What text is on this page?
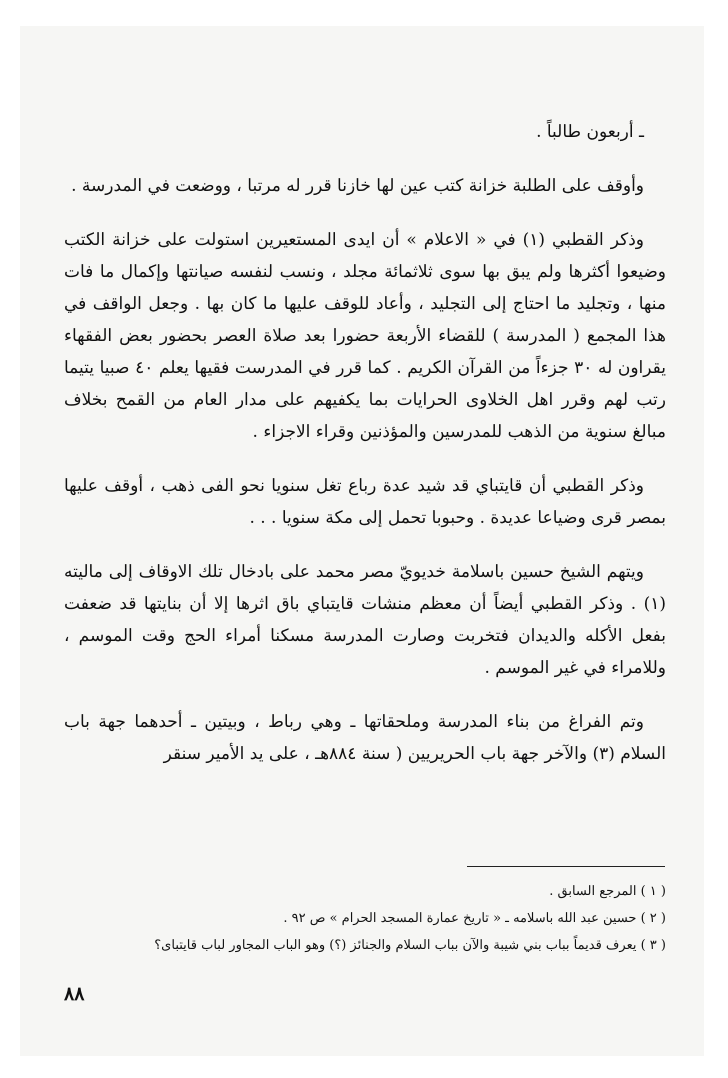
ـ أربعون طالباً .

وأوقف على الطلبة خزانة كتب عين لها خازنا قرر له مرتبا ، ووضعت في المدرسة .

وذكر القطبي (١) في « الاعلام » أن ايدى المستعيرين استولت على خزانة الكتب وضيعوا أكثرها ولم يبق بها سوى ثلاثمائة مجلد ، ونسب لنفسه صيانتها وإكمال ما فات منها ، وتجليد ما احتاج إلى التجليد ، وأعاد للوقف عليها ما كان بها . وجعل الواقف في هذا المجمع ( المدرسة ) للقضاء الأربعة حضورا بعد صلاة العصر بحضور بعض الفقهاء يقراون له ٣٠ جزءاً من القرآن الكريم . كما قرر في المدرست فقيها يعلم ٤٠ صبيا يتيما رتب لهم وقرر اهل الخلاوى الحرايات بما يكفيهم على مدار العام من القمح بخلاف مبالغ سنوية من الذهب للمدرسين والمؤذنين وقراء الاجزاء .

وذكر القطبي أن قايتباي قد شيد عدة رباع تغل سنويا نحو الفى ذهب ، أوقف عليها بمصر قرى وضياعا عديدة . وحبوبا تحمل إلى مكة سنويا . . .

ويتهم الشيخ حسين باسلامة خديويّ مصر محمد على بادخال تلك الاوقاف إلى ماليته (١) . وذكر القطبي أيضاً أن معظم منشات قايتباي باق اثرها إلا أن بنايتها قد ضعفت بفعل الأكله والديدان فتخربت وصارت المدرسة مسكنا أمراء الحج وقت الموسم ، وللامراء في غير الموسم .

وتم الفراغ من بناء المدرسة وملحقاتها ـ وهي رباط ، وبيتين ـ أحدهما جهة باب السلام (٣) والآخر جهة باب الحريريين ( سنة ٨٨٤هـ ، على يد الأمير سنقر

( ١ ) المرجع السابق .
( ٢ ) حسين عبد الله باسلامه ـ « تاريخ عمارة المسجد الحرام » ص ٩٢ .
( ٣ ) يعرف قديماً بباب بني شيبة والآن بباب السلام والجنائز (؟) وهو الباب المجاور لباب قايتباى؟
٨٨
